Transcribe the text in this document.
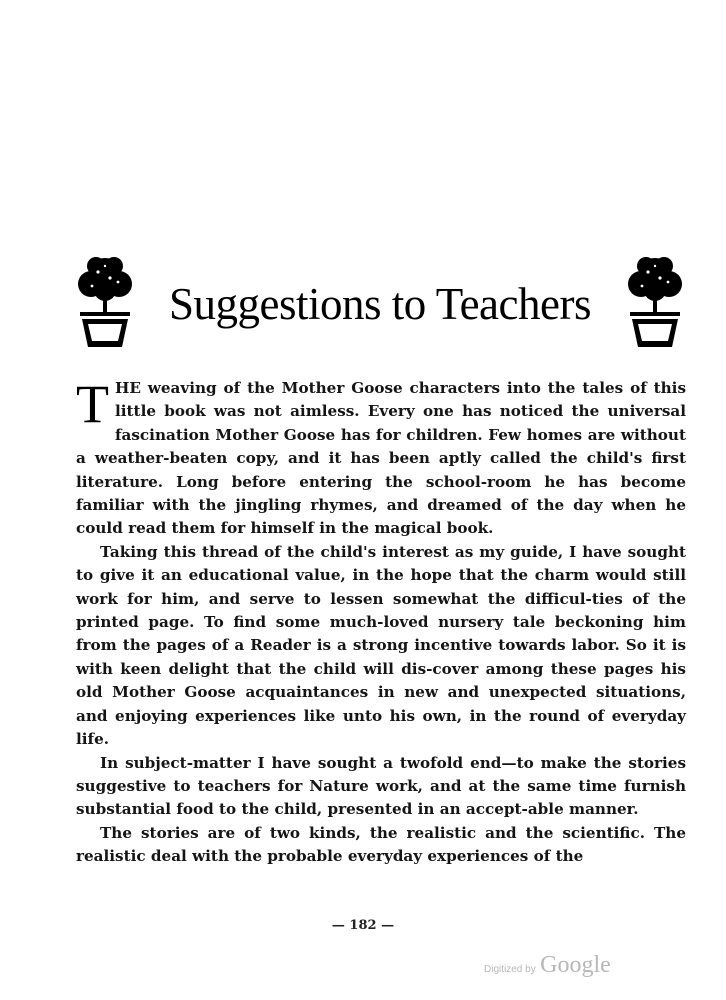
Suggestions to Teachers

THE weaving of the Mother Goose characters into the tales of this little book was not aimless. Every one has noticed the universal fascination Mother Goose has for children. Few homes are without a weather-beaten copy, and it has been aptly called the child's first literature. Long before entering the school-room he has become familiar with the jingling rhymes, and dreamed of the day when he could read them for himself in the magical book.

Taking this thread of the child's interest as my guide, I have sought to give it an educational value, in the hope that the charm would still work for him, and serve to lessen somewhat the difficul-ties of the printed page. To find some much-loved nursery tale beckoning him from the pages of a Reader is a strong incentive towards labor. So it is with keen delight that the child will dis-cover among these pages his old Mother Goose acquaintances in new and unexpected situations, and enjoying experiences like unto his own, in the round of everyday life.

In subject-matter I have sought a twofold end—to make the stories suggestive to teachers for Nature work, and at the same time furnish substantial food to the child, presented in an accept-able manner.

The stories are of two kinds, the realistic and the scientific. The realistic deal with the probable everyday experiences of the

— 182 —
Digitized by Google
